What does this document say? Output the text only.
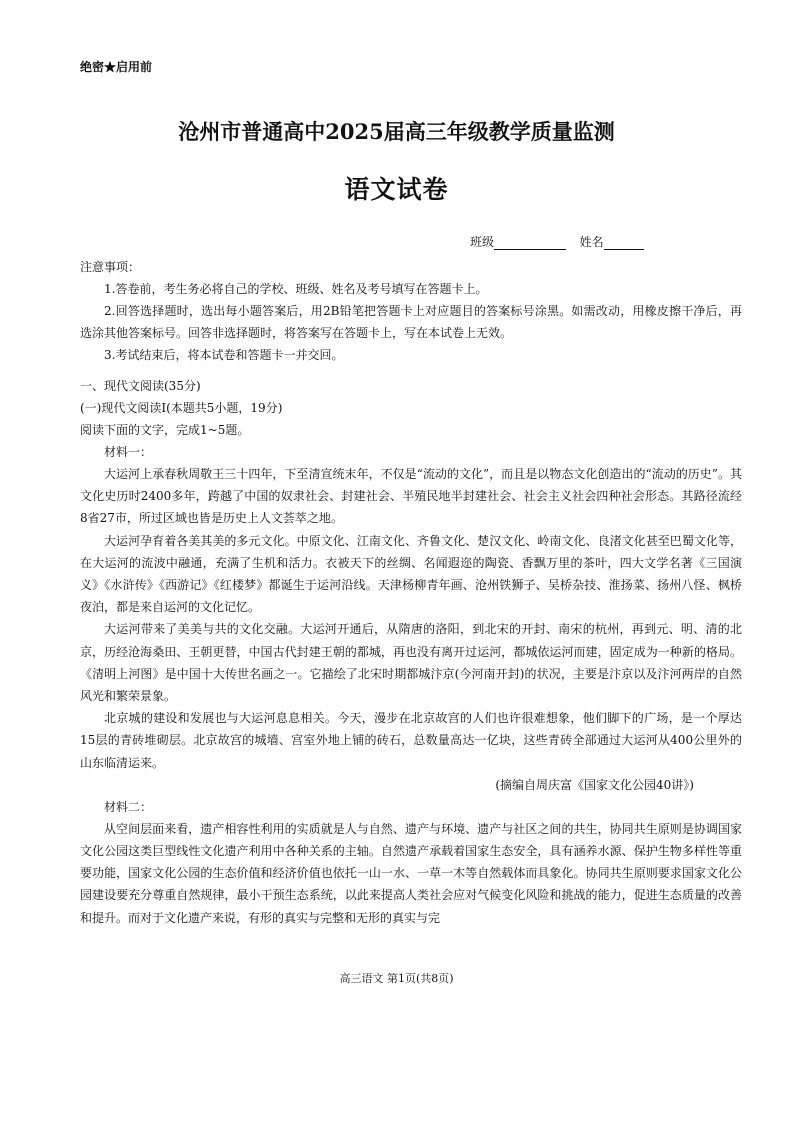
绝密★启用前
沧州市普通高中2025届高三年级教学质量监测
语文试卷
班级	姓名
注意事项：
1.答卷前，考生务必将自己的学校、班级、姓名及考号填写在答题卡上。
2.回答选择题时，选出每小题答案后，用2B铅笔把答题卡上对应题目的答案标号涂黑。如需改动，用橡皮擦干净后，再选涂其他答案标号。回答非选择题时，将答案写在答题卡上，写在本试卷上无效。
3.考试结束后，将本试卷和答题卡一并交回。
一、现代文阅读(35分)
(一)现代文阅读Ⅰ(本题共5小题，19分)
阅读下面的文字，完成1~5题。
材料一：
大运河上承春秋周敬王三十四年，下至清宣统末年，不仅是“流动的文化”，而且是以物态文化创造出的“流动的历史”。其文化史历时2400多年，跨越了中国的奴隶社会、封建社会、半殖民地半封建社会、社会主义社会四种社会形态。其路径流经8省27市，所过区域也皆是历史上人文荟萃之地。
大运河孕育着各美其美的多元文化。中原文化、江南文化、齐鲁文化、楚汉文化、岭南文化、良渚文化甚至巴蜀文化等，在大运河的流波中融通，充满了生机和活力。衣被天下的丝绸、名闻遐迩的陶瓷、香飘万里的茶叶，四大文学名著《三国演义》《水浒传》《西游记》《红楼梦》都诞生于运河沿线。天津杨柳青年画、沧州铁狮子、吴桥杂技、淮扬菜、扬州八怪、枫桥夜泊，都是来自运河的文化记忆。
大运河带来了美美与共的文化交融。大运河开通后，从隋唐的洛阳，到北宋的开封、南宋的杭州，再到元、明、清的北京，历经沧海桑田、王朝更替，中国古代封建王朝的都城，再也没有离开过运河，都城依运河而建，固定成为一种新的格局。《清明上河图》是中国十大传世名画之一。它描绘了北宋时期都城汴京(今河南开封)的状况，主要是汴京以及汴河两岸的自然风光和繁荣景象。
北京城的建设和发展也与大运河息息相关。今天，漫步在北京故宫的人们也许很难想象，他们脚下的广场，是一个厚达15层的青砖堆砌层。北京故宫的城墙、宫室外地上铺的砖石，总数量高达一亿块，这些青砖全部通过大运河从400公里外的山东临清运来。
(摘编自周庆富《国家文化公园40讲》)
材料二：
从空间层面来看，遗产相容性利用的实质就是人与自然、遗产与环境、遗产与社区之间的共生，协同共生原则是协调国家文化公园这类巨型线性文化遗产利用中各种关系的主轴。自然遗产承载着国家生态安全，具有涵养水源、保护生物多样性等重要功能，国家文化公园的生态价值和经济价值也依托一山一水、一草一木等自然载体而具象化。协同共生原则要求国家文化公园建设要充分尊重自然规律，最小干预生态系统，以此来提高人类社会应对气候变化风险和挑战的能力，促进生态质量的改善和提升。而对于文化遗产来说，有形的真实与完整和无形的真实与完
高三语文 第1页(共8页)
